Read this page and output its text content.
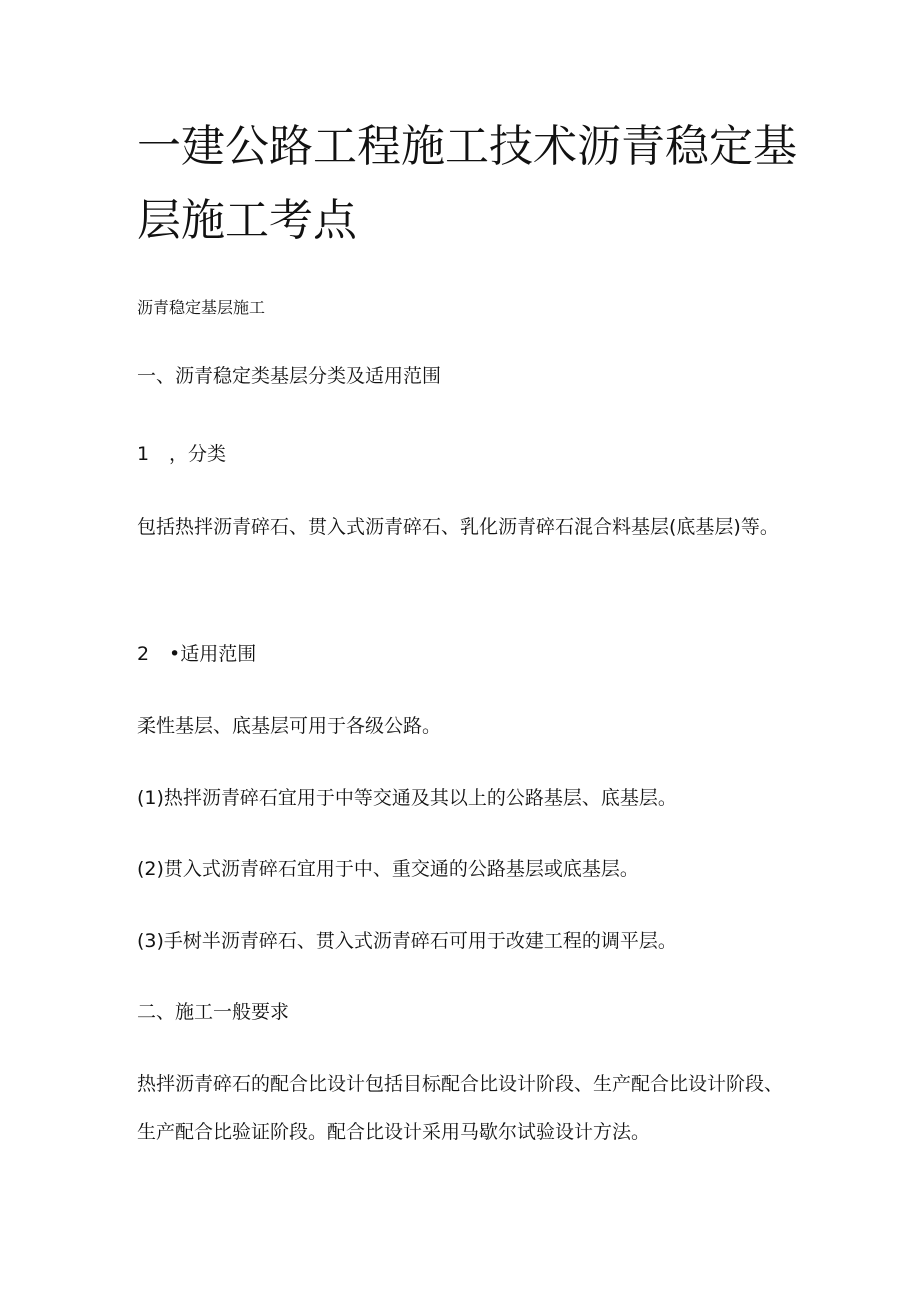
一建公路工程施工技术沥青稳定基层施工考点

沥青稳定基层施工

一、沥青稳定类基层分类及适用范围

1 ，分类

包括热拌沥青碎石、贯入式沥青碎石、乳化沥青碎石混合料基层(底基层)等。

2 •适用范围

柔性基层、底基层可用于各级公路。

(1)热拌沥青碎石宜用于中等交通及其以上的公路基层、底基层。

(2)贯入式沥青碎石宜用于中、重交通的公路基层或底基层。

(3)手树半沥青碎石、贯入式沥青碎石可用于改建工程的调平层。

二、施工一般要求

热拌沥青碎石的配合比设计包括目标配合比设计阶段、生产配合比设计阶段、生产配合比验证阶段。配合比设计采用马歇尔试验设计方法。
